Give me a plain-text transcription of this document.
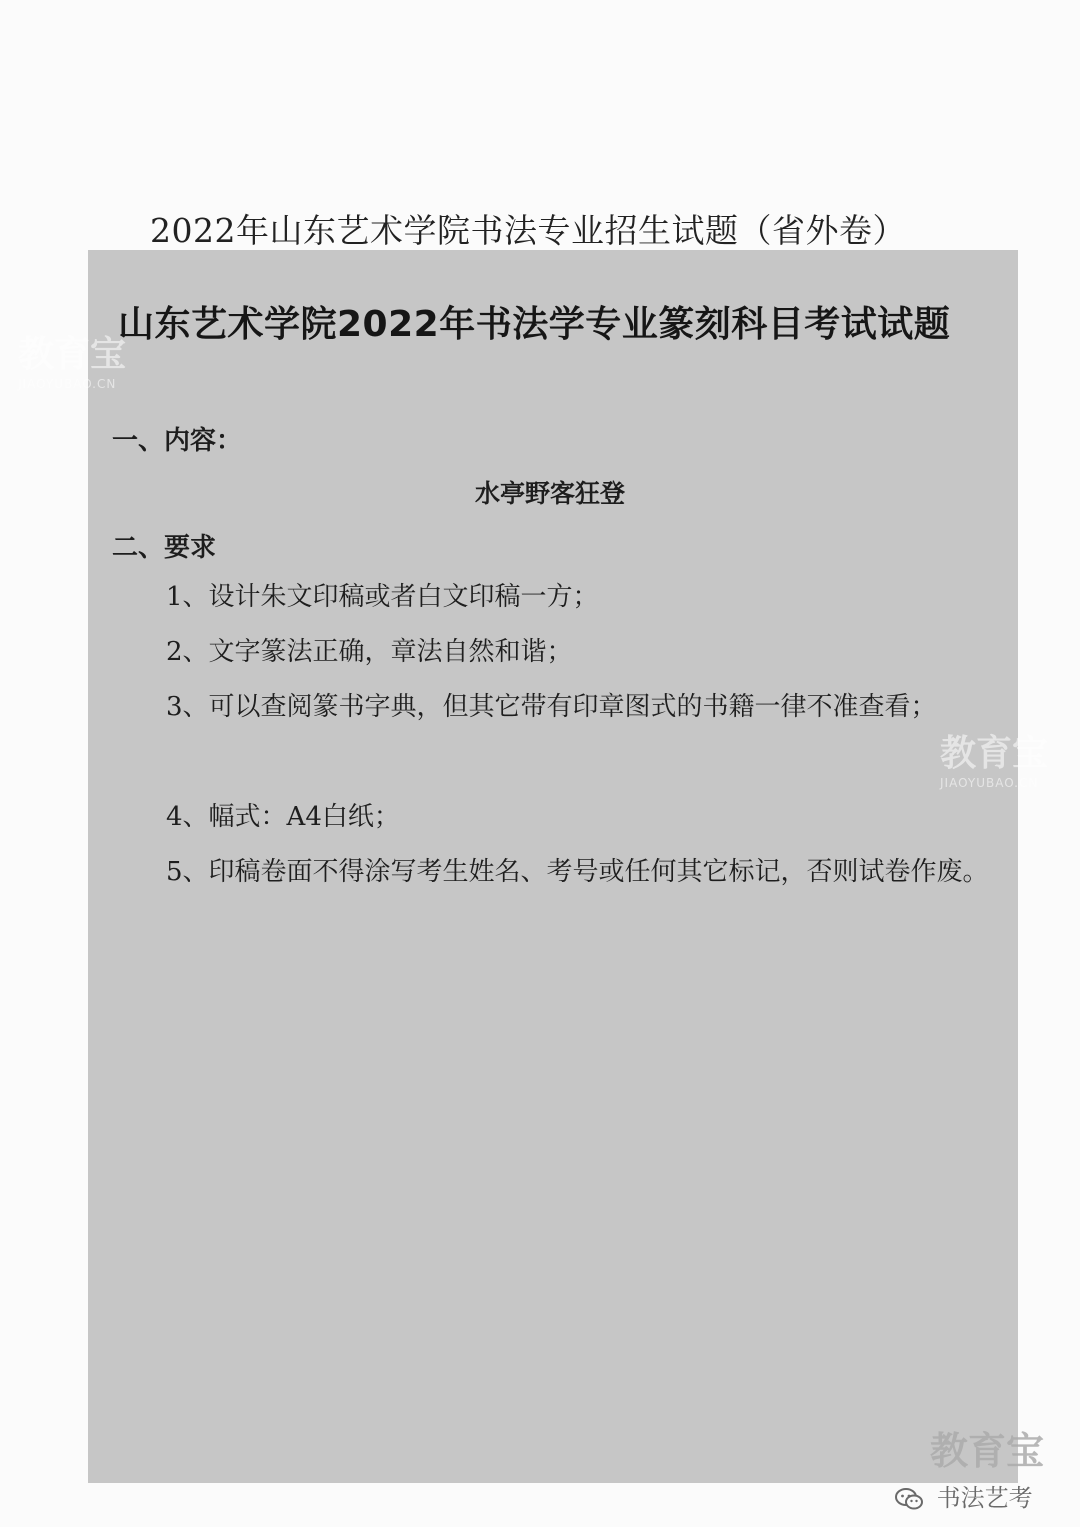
2022年山东艺术学院书法专业招生试题（省外卷）
山东艺术学院2022年书法学专业篆刻科目考试试题
一、内容：
水亭野客狂登
二、要求
1、设计朱文印稿或者白文印稿一方；
2、文字篆法正确，章法自然和谐；
3、可以查阅篆书字典，但其它带有印章图式的书籍一律不准查看；
4、幅式：A4白纸；
5、印稿卷面不得涂写考生姓名、考号或任何其它标记，否则试卷作废。
教育宝
JIAOYUBAO.CN
教育宝
JIAOYUBAO.CN
教育宝
书法艺考
